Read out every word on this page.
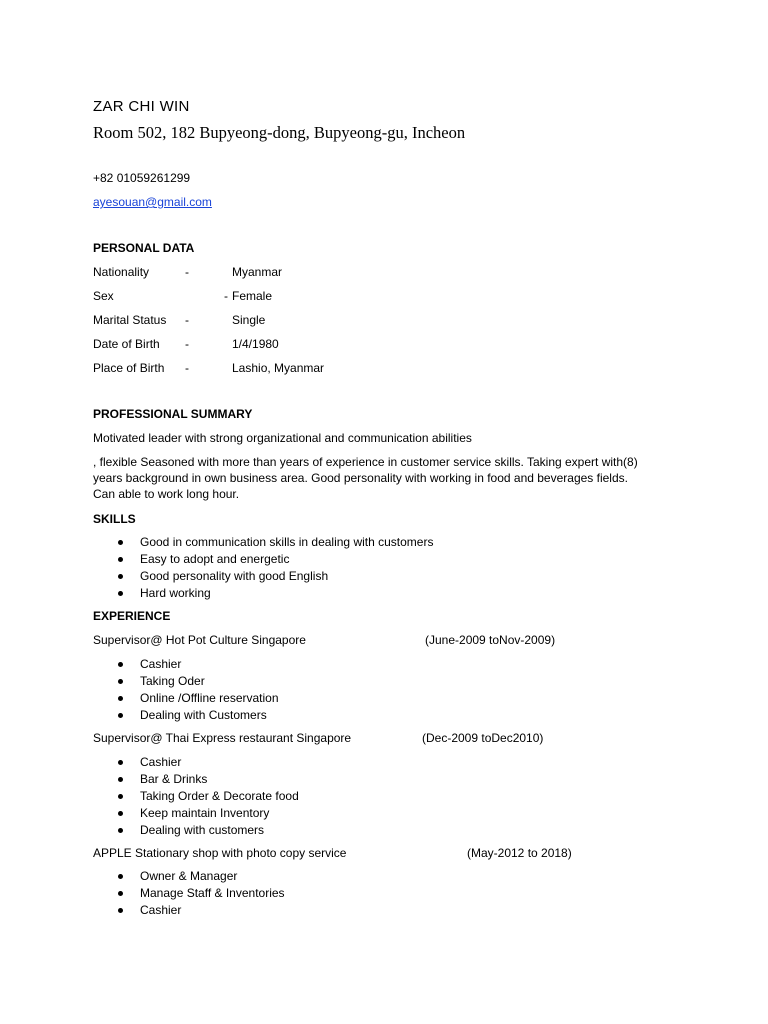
ZAR CHI WIN
Room 502, 182 Bupyeong-dong, Bupyeong-gu, Incheon
+82 01059261299
ayesouan@gmail.com
PERSONAL DATA
Nationality	-	Myanmar
Sex	- Female
Marital Status -	Single
Date of Birth -	1/4/1980
Place of Birth -	Lashio, Myanmar
PROFESSIONAL SUMMARY
Motivated leader with strong organizational and communication abilities
, flexible Seasoned with more than years of experience in customer service skills. Taking expert with(8) years background in own business area. Good personality with working in food and beverages fields. Can able to work long hour.
SKILLS
Good in communication skills in dealing with customers
Easy to adopt and energetic
Good personality with good English
Hard working
EXPERIENCE
Supervisor@ Hot Pot Culture Singapore	(June-2009 toNov-2009)
Cashier
Taking Oder
Online /Offline reservation
Dealing with Customers
Supervisor@ Thai Express restaurant Singapore	(Dec-2009 toDec2010)
Cashier
Bar & Drinks
Taking Order & Decorate food
Keep maintain Inventory
Dealing with customers
APPLE Stationary shop with photo copy service	(May-2012 to 2018)
Owner & Manager
Manage Staff & Inventories
Cashier
